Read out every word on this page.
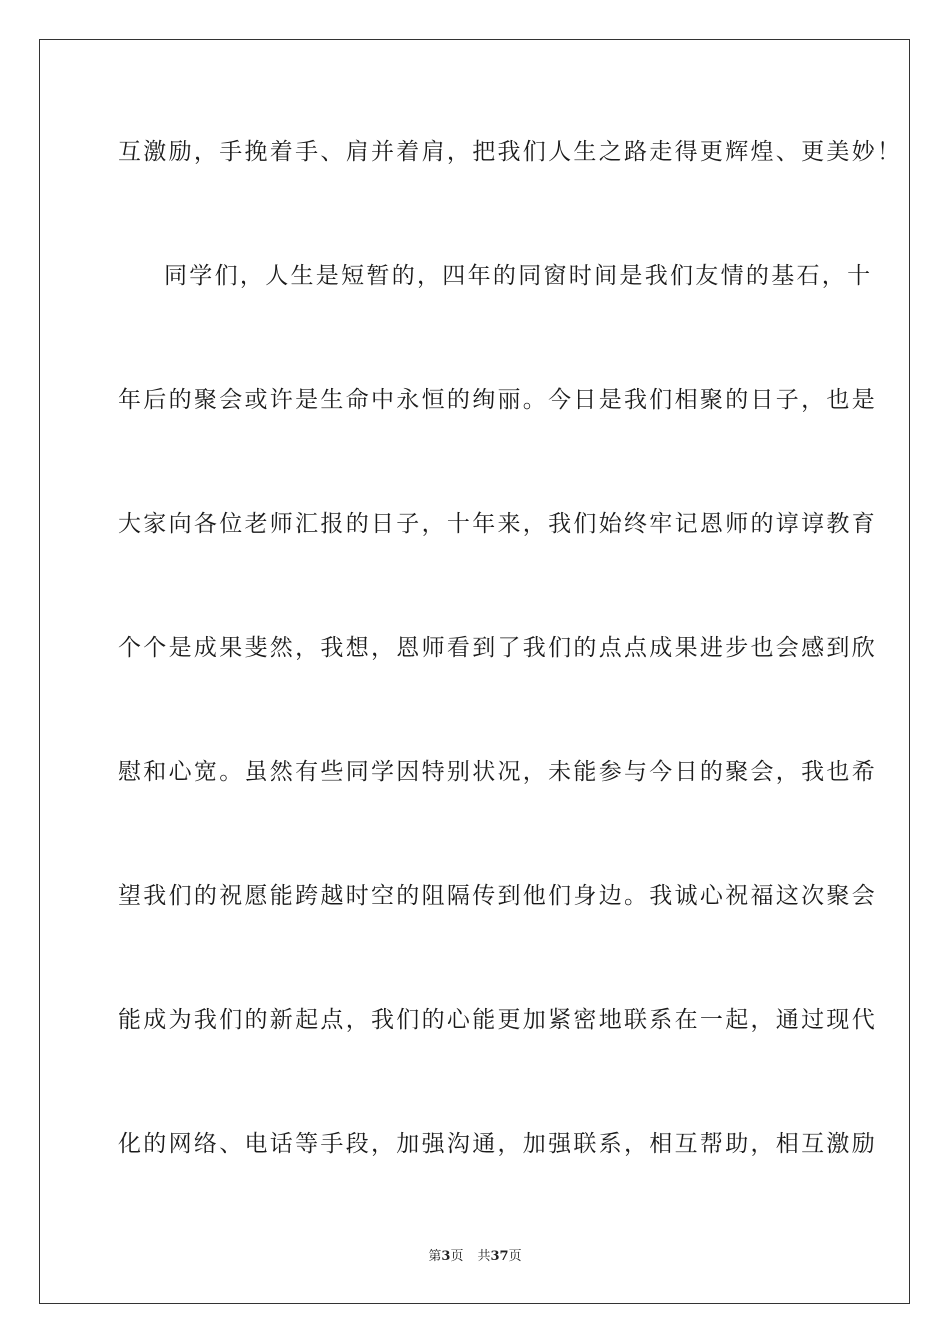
互激励，手挽着手、肩并着肩，把我们人生之路走得更辉煌、更美妙！
同学们，人生是短暂的，四年的同窗时间是我们友情的基石，十
年后的聚会或许是生命中永恒的绚丽。今日是我们相聚的日子，也是
大家向各位老师汇报的日子，十年来，我们始终牢记恩师的谆谆教育
个个是成果斐然，我想，恩师看到了我们的点点成果进步也会感到欣
慰和心宽。虽然有些同学因特别状况，未能参与今日的聚会，我也希
望我们的祝愿能跨越时空的阻隔传到他们身边。我诚心祝福这次聚会
能成为我们的新起点，我们的心能更加紧密地联系在一起，通过现代
化的网络、电话等手段，加强沟通，加强联系，相互帮助，相互激励
第3页 共37页
